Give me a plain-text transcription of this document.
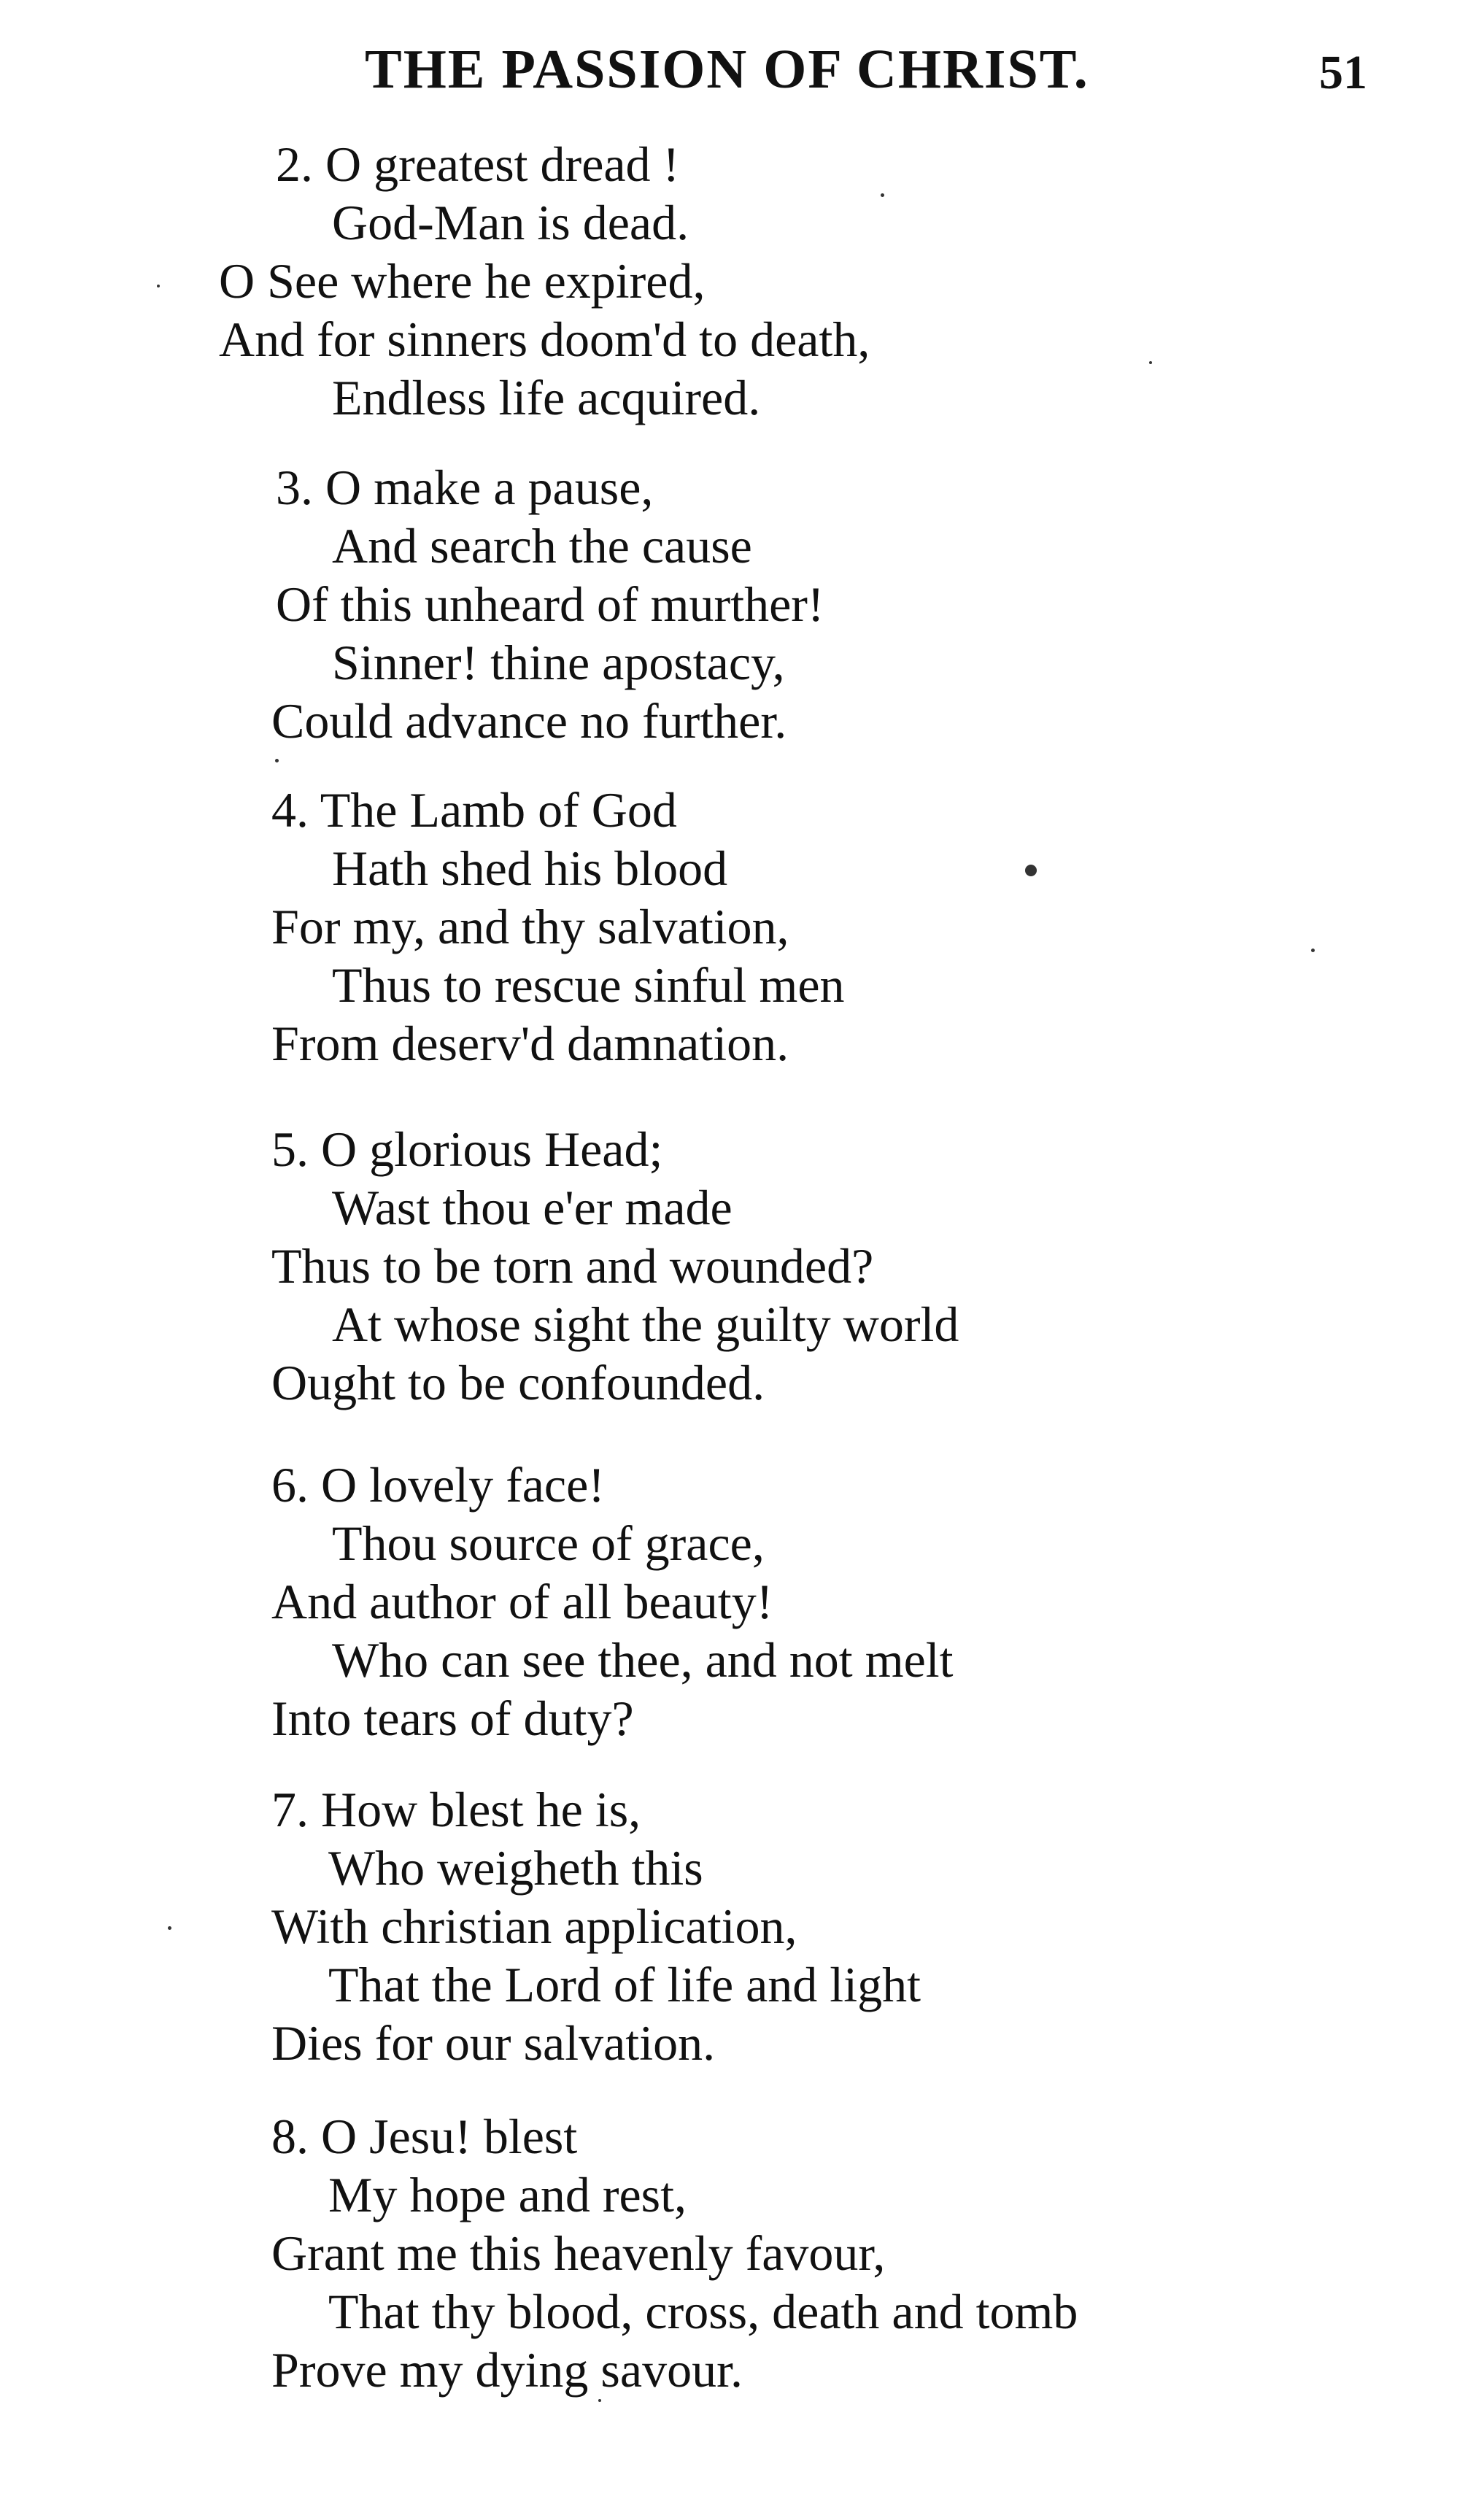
THE PASSION OF CHRIST.	51
2. O greatest dread !
God-Man is dead.
O See where he expired,
And for sinners doom'd to death,
Endless life acquired.
3. O make a pause,
And search the cause
Of this unheard of murther!
Sinner! thine apostacy,
Could advance no further.
4. The Lamb of God
Hath shed his blood
For my, and thy salvation,
Thus to rescue sinful men
From deserv'd damnation.
5. O glorious Head;
Wast thou e'er made
Thus to be torn and wounded?
At whose sight the guilty world
Ought to be confounded.
6. O lovely face!
Thou source of grace,
And author of all beauty!
Who can see thee, and not melt
Into tears of duty?
7. How blest he is,
Who weigheth this
With christian application,
That the Lord of life and light
Dies for our salvation.
8. O Jesu! blest
My hope and rest,
Grant me this heavenly favour,
That thy blood, cross, death and tomb
Prove my dying savour.
